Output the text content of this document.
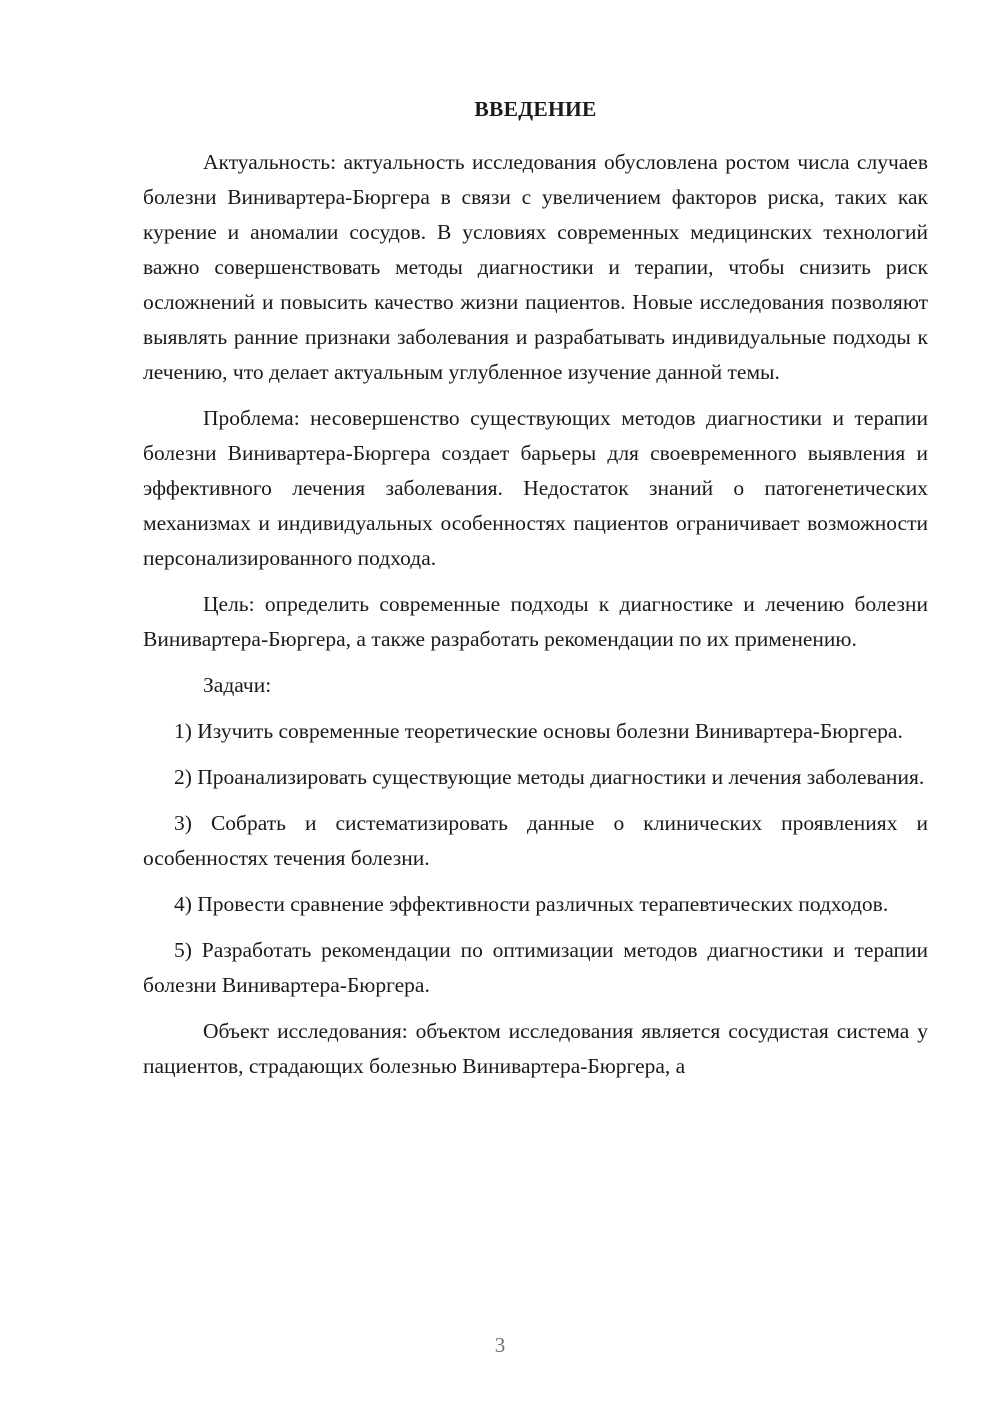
ВВЕДЕНИЕ

Актуальность: актуальность исследования обусловлена ростом числа случаев болезни Винивартера-Бюргера в связи с увеличением факторов риска, таких как курение и аномалии сосудов. В условиях современных медицинских технологий важно совершенствовать методы диагностики и терапии, чтобы снизить риск осложнений и повысить качество жизни пациентов. Новые исследования позволяют выявлять ранние признаки заболевания и разрабатывать индивидуальные подходы к лечению, что делает актуальным углубленное изучение данной темы.

Проблема: несовершенство существующих методов диагностики и терапии болезни Винивартера-Бюргера создает барьеры для своевременного выявления и эффективного лечения заболевания. Недостаток знаний о патогенетических механизмах и индивидуальных особенностях пациентов ограничивает возможности персонализированного подхода.

Цель: определить современные подходы к диагностике и лечению болезни Винивартера-Бюргера, а также разработать рекомендации по их применению.

Задачи:

1) Изучить современные теоретические основы болезни Винивартера-Бюргера.

2) Проанализировать существующие методы диагностики и лечения заболевания.

3) Собрать и систематизировать данные о клинических проявлениях и особенностях течения болезни.

4) Провести сравнение эффективности различных терапевтических подходов.

5) Разработать рекомендации по оптимизации методов диагностики и терапии болезни Винивартера-Бюргера.

Объект исследования: объектом исследования является сосудистая система у пациентов, страдающих болезнью Винивартера-Бюргера, а

3
